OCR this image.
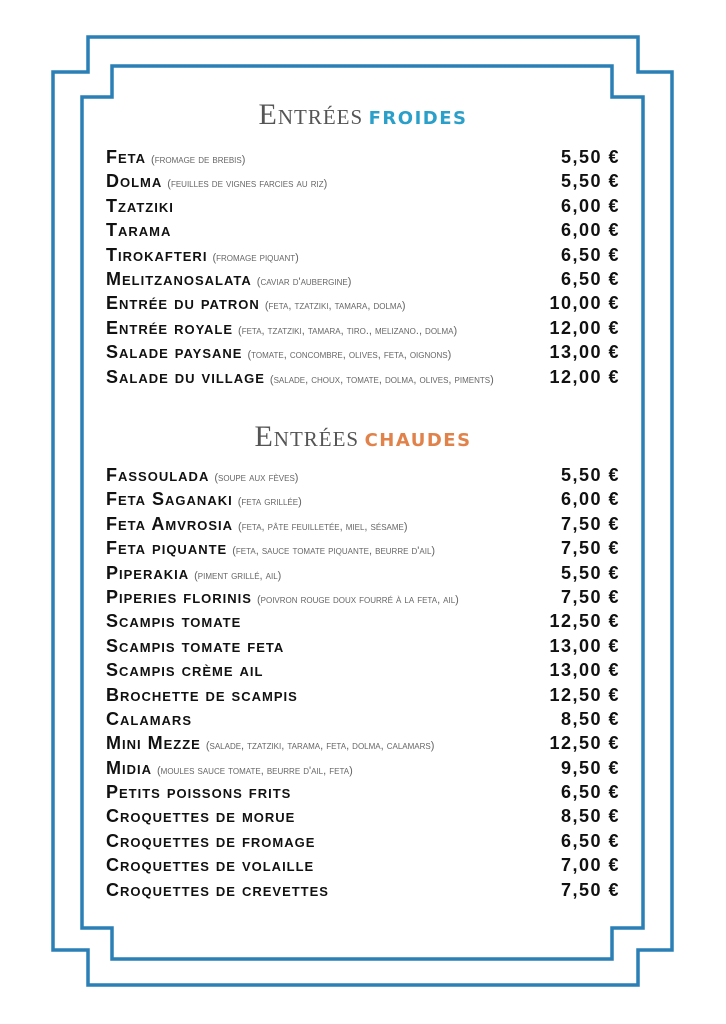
Entrées froides
Feta (fromage de brebis)	5,50 €
Dolma (feuilles de vignes farcies au riz)	5,50 €
Tzatziki	6,00 €
Tarama	6,00 €
Tirokafteri (fromage piquant)	6,50 €
Melitzanosalata (caviar d'aubergine)	6,50 €
Entrée du patron (feta, tzatziki, tamara, dolma)	10,00 €
Entrée royale (feta, tzatziki, tamara, tiro., melizano., dolma)	12,00 €
Salade paysane (tomate, concombre, olives, feta, oignons)	13,00 €
Salade du village (salade, choux, tomate, dolma, olives, piments)	12,00 €
Entrées chaudes
Fassoulada (soupe aux fèves)	5,50 €
Feta Saganaki (feta grillée)	6,00 €
Feta Amvrosia (feta, pâte feuilletée, miel, sésame)	7,50 €
Feta piquante (feta, sauce tomate piquante, beurre d'ail)	7,50 €
Piperakia (piment grillé, ail)	5,50 €
Piperies florinis (poivron rouge doux fourré à la feta, ail)	7,50 €
Scampis tomate	12,50 €
Scampis tomate feta	13,00 €
Scampis crème ail	13,00 €
Brochette de scampis	12,50 €
Calamars	8,50 €
Mini Mezze (salade, tzatziki, tarama, feta, dolma, calamars)	12,50 €
Midia (moules sauce tomate, beurre d'ail, feta)	9,50 €
Petits poissons frits	6,50 €
Croquettes de morue	8,50 €
Croquettes de fromage	6,50 €
Croquettes de volaille	7,00 €
Croquettes de crevettes	7,50 €
